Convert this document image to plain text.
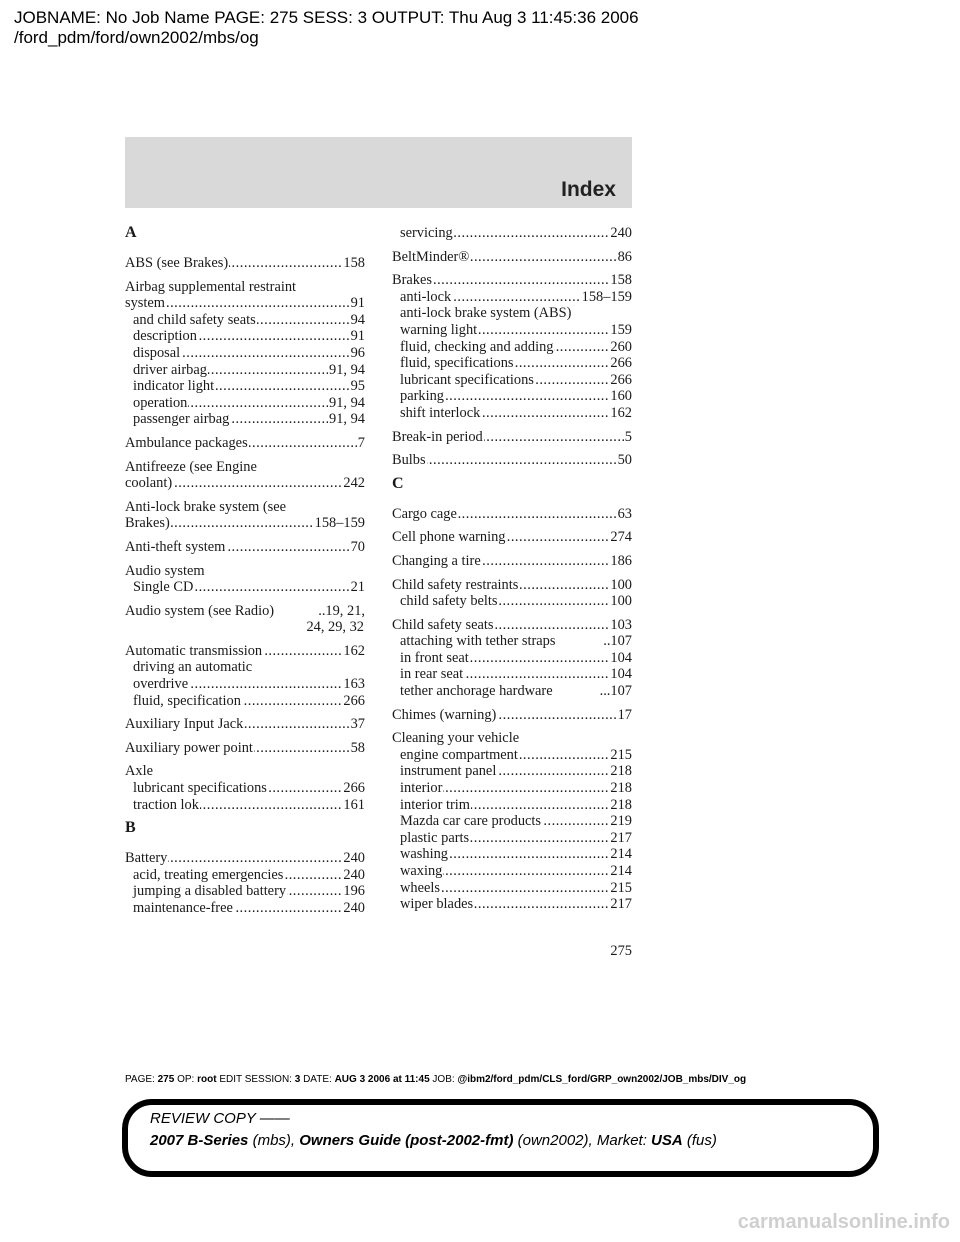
JOBNAME: No Job Name PAGE: 275 SESS: 3 OUTPUT: Thu Aug 3 11:45:36 2006
/ford_pdm/ford/own2002/mbs/og
Index
A
..... ABS (see Brakes)	158
Airbag supplemental restraint
..... system	91
..... and child safety seats	94
..... description	91
..... disposal	96
..... driver airbag	91, 94
..... indicator light	95
..... operation	91, 94
..... passenger airbag	91, 94
..... Ambulance packages	7
Antifreeze (see Engine
..... coolant)	242
Anti-lock brake system (see
..... Brakes)	158–159
..... Anti-theft system	70
Audio system
..... Single CD	21
Audio system (see Radio)	..19, 21,
24, 29, 32
..... Automatic transmission	162
driving an automatic
..... overdrive	163
..... fluid, specification	266
..... Auxiliary Input Jack	37
..... Auxiliary power point	58
Axle
..... lubricant specifications	266
..... traction lok	161
B
..... Battery	240
..... acid, treating emergencies	240
..... jumping a disabled battery	196
..... maintenance-free	240
..... servicing	240
..... BeltMinder®	86
..... Brakes	158
..... anti-lock	158–159
anti-lock brake system (ABS)
..... warning light	159
..... fluid, checking and adding	260
..... fluid, specifications	266
..... lubricant specifications	266
..... parking	160
..... shift interlock	162
..... Break-in period	5
..... Bulbs	50
C
..... Cargo cage	63
..... Cell phone warning	274
..... Changing a tire	186
..... Child safety restraints	100
..... child safety belts	100
..... Child safety seats	103
attaching with tether straps	..107
..... in front seat	104
..... in rear seat	104
tether anchorage hardware	...107
..... Chimes (warning)	17
Cleaning your vehicle
..... engine compartment	215
..... instrument panel	218
..... interior	218
..... interior trim	218
..... Mazda car care products	219
..... plastic parts	217
..... washing	214
..... waxing	214
..... wheels	215
..... wiper blades	217
275
PAGE: 275 OP: root EDIT SESSION: 3 DATE: AUG 3 2006 at 11:45 JOB: @ibm2/ford_pdm/CLS_ford/GRP_own2002/JOB_mbs/DIV_og
REVIEW COPY ——
2007 B-Series (mbs), Owners Guide (post-2002-fmt) (own2002), Market: USA (fus)
carmanualsonline.info
